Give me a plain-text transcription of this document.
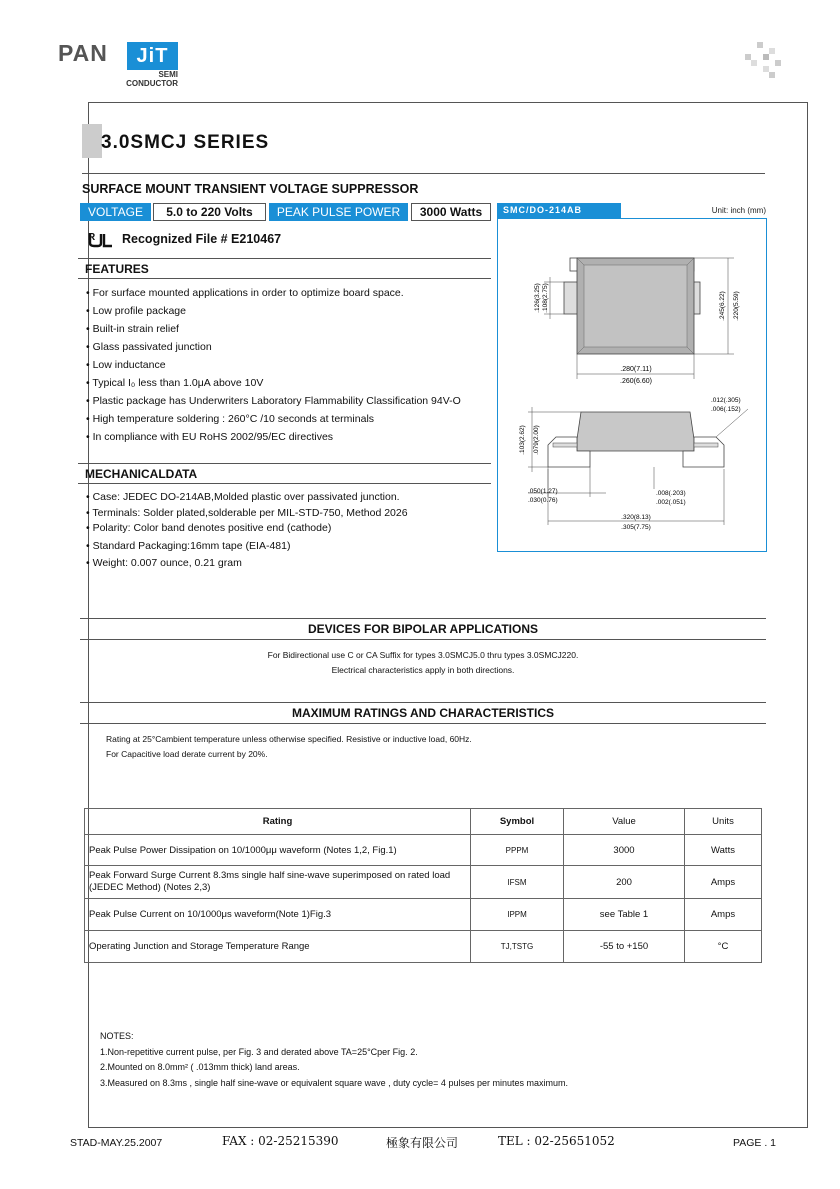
PAN	JiT
SEMI
CONDUCTOR
3.0SMCJ SERIES
SURFACE MOUNT TRANSIENT VOLTAGE SUPPRESSOR
VOLTAGE	5.0 to 220 Volts	PEAK PULSE POWER	3000 Watts	SMC/DO-214AB	Unit: inch (mm)
.126(3.25) .108(2.75)	.245(6.22) .220(5.59)
.280(7.11)
.260(6.60)
.103(2.62) .079(2.00)
.012(.305)
.006(.152)
.050(1.27)
.030(0.76)
.008(.203)
.002(.051)
.320(8.13)
.305(7.75)
$^R$ Recognized File # E210467
FEATURES
• For surface mounted applications in order to optimize board space.
• Low profile package
• Built-in strain relief
• Glass passivated junction
• Low inductance
• Typical I₀ less than 1.0μA above 10V
• Plastic package has Underwriters Laboratory Flammability Classification 94V-O
• High temperature soldering : 260°C /10 seconds at terminals
• In compliance with EU RoHS 2002/95/EC directives
MECHANICALDATA
• Case: JEDEC DO-214AB,Molded plastic over passivated junction.
• Terminals: Solder plated,solderable per MIL-STD-750, Method 2026
• Polarity: Color band denotes positive end (cathode)
• Standard Packaging:16mm tape (EIA-481)
• Weight: 0.007 ounce, 0.21 gram
DEVICES FOR BIPOLAR APPLICATIONS
For Bidirectional use C or CA Suffix for types 3.0SMCJ5.0 thru types 3.0SMCJ220.
Electrical characteristics apply in both directions.
MAXIMUM RATINGS AND CHARACTERISTICS
Rating at 25°Cambient temperature unless otherwise specified. Resistive or inductive load, 60Hz.
For Capacitive load derate current by 20%.
Rating	Symbol	Value	Units
Peak Pulse Power Dissipation on 10/1000μμ waveform (Notes 1,2, Fig.1)	PPPM	3000	Watts
Peak Forward Surge Current 8.3ms single half sine-wave superimposed on rated load (JEDEC Method) (Notes 2,3)	IFSM	200	Amps
Peak Pulse Current on 10/1000μs waveform(Note 1)Fig.3	IPPM	see Table 1	Amps
Operating Junction and Storage Temperature Range	TJ,TSTG	-55 to +150	°C
NOTES:
1.Non-repetitive current pulse, per Fig. 3 and derated above TA=25°Cper Fig. 2.
2.Mounted on 8.0mm² ( .013mm thick) land areas.
3.Measured on 8.3ms , single half sine-wave or equivalent square wave , duty cycle= 4 pulses per minutes maximum.
STAD-MAY.25.2007	FAX : 02-25215390	極象有限公司	TEL : 02-25651052	PAGE . 1
